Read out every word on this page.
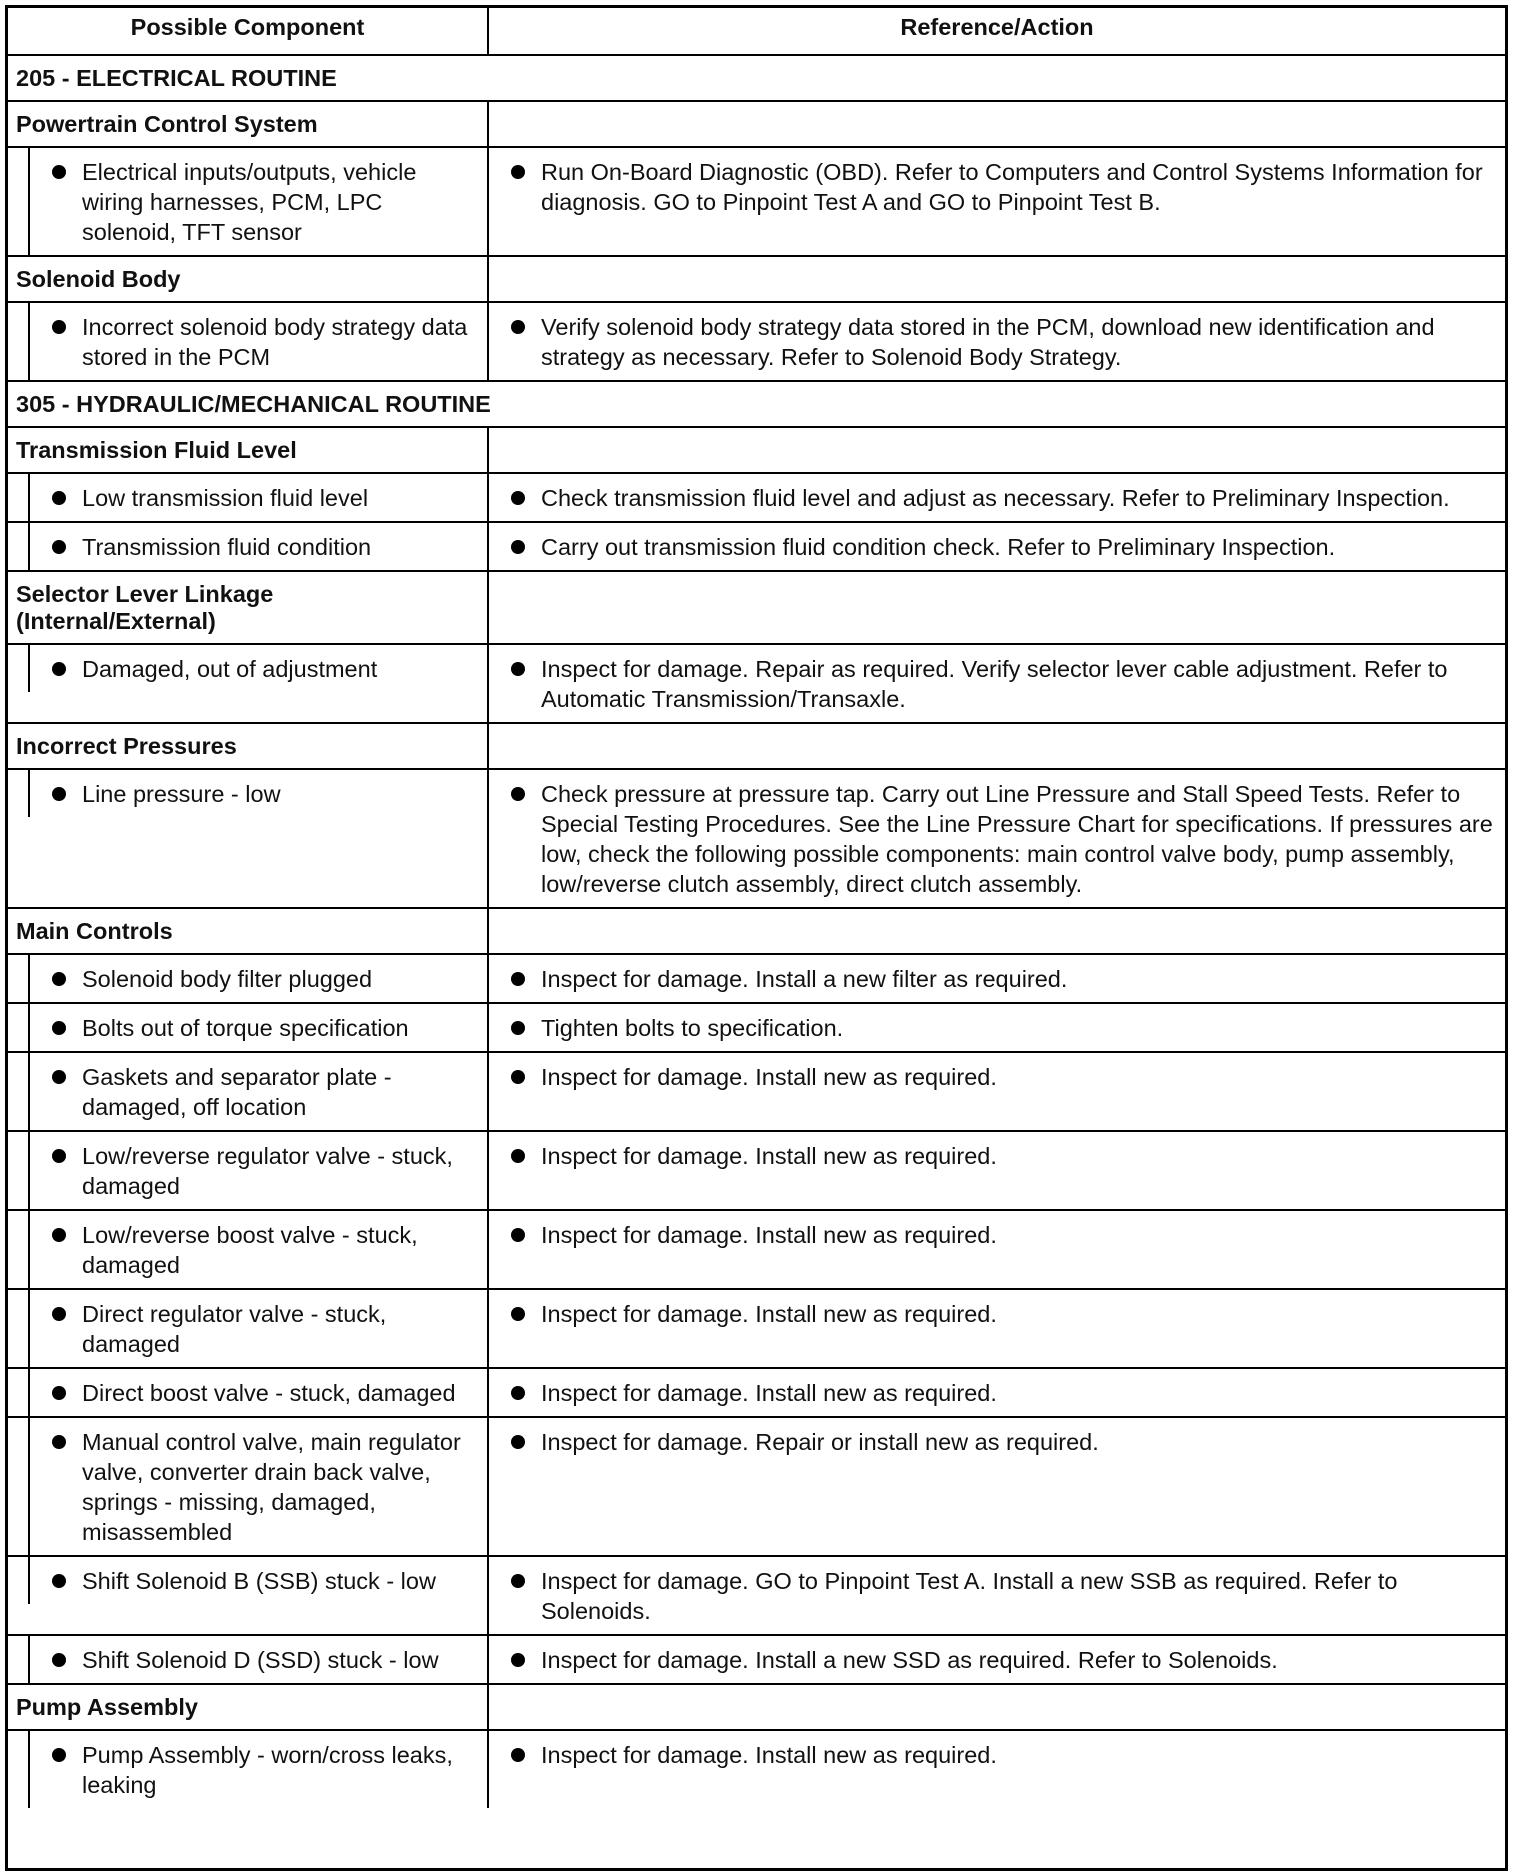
Possible Component	Reference/Action
205 - ELECTRICAL ROUTINE	
Powertrain Control System	

Electrical inputs/outputs, vehicle wiring harnesses, PCM, LPC solenoid, TFT sensor	Run On-Board Diagnostic (OBD). Refer to Computers and Control Systems Information for diagnosis. GO to Pinpoint Test A and GO to Pinpoint Test B.

Solenoid Body	

Incorrect solenoid body strategy data stored in the PCM	Verify solenoid body strategy data stored in the PCM, download new identification and strategy as necessary. Refer to Solenoid Body Strategy.

305 - HYDRAULIC/MECHANICAL ROUTINE	
Transmission Fluid Level	

Low transmission fluid level	Check transmission fluid level and adjust as necessary. Refer to Preliminary Inspection.

Transmission fluid condition	Carry out transmission fluid condition check. Refer to Preliminary Inspection.

Selector Lever Linkage (Internal/External)	

Damaged, out of adjustment	Inspect for damage. Repair as required. Verify selector lever cable adjustment. Refer to Automatic Transmission/Transaxle.

Incorrect Pressures	

Line pressure - low	Check pressure at pressure tap. Carry out Line Pressure and Stall Speed Tests. Refer to Special Testing Procedures. See the Line Pressure Chart for specifications. If pressures are low, check the following possible components: main control valve body, pump assembly, low/reverse clutch assembly, direct clutch assembly.

Main Controls	

Solenoid body filter plugged	Inspect for damage. Install a new filter as required.

Bolts out of torque specification	Tighten bolts to specification.

Gaskets and separator plate - damaged, off location	Inspect for damage. Install new as required.

Low/reverse regulator valve - stuck, damaged	Inspect for damage. Install new as required.

Low/reverse boost valve - stuck, damaged	Inspect for damage. Install new as required.

Direct regulator valve - stuck, damaged	Inspect for damage. Install new as required.

Direct boost valve - stuck, damaged	Inspect for damage. Install new as required.

Manual control valve, main regulator valve, converter drain back valve, springs - missing, damaged, misassembled	Inspect for damage. Repair or install new as required.

Shift Solenoid B (SSB) stuck - low	Inspect for damage. GO to Pinpoint Test A. Install a new SSB as required. Refer to Solenoids.

Shift Solenoid D (SSD) stuck - low	Inspect for damage. Install a new SSD as required. Refer to Solenoids.

Pump Assembly	

Pump Assembly - worn/cross leaks, leaking	Inspect for damage. Install new as required.
